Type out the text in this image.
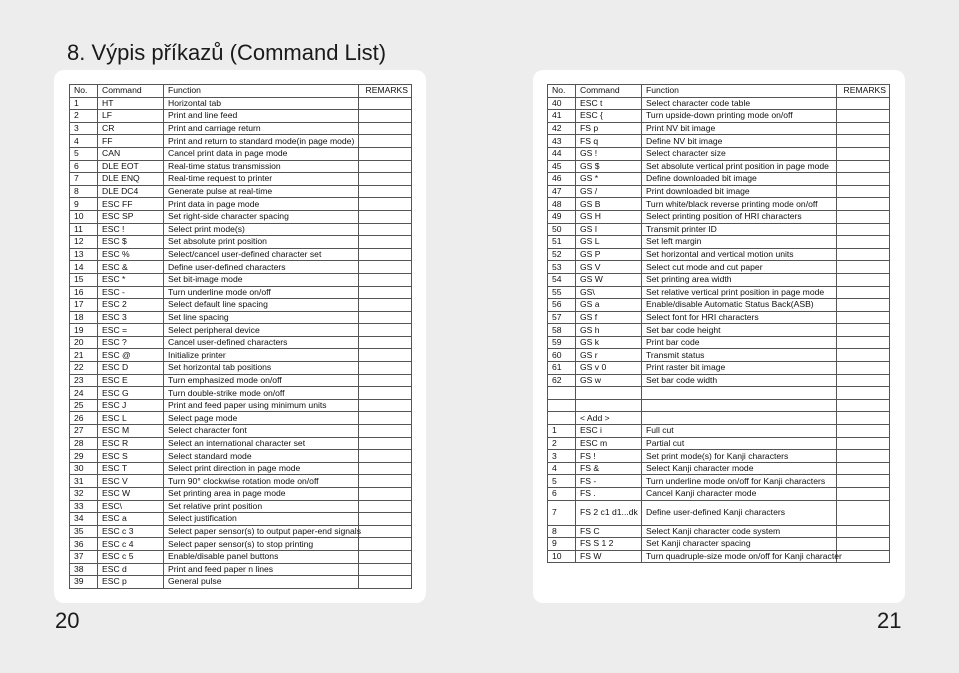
8. Výpis příkazů (Command List)
No.	Command	Function	REMARKS
1	HT	Horizontal tab	
2	LF	Print and line feed	
3	CR	Print and carriage return	
4	FF	Print and return to standard mode(in page mode)	
5	CAN	Cancel print data in page mode	
6	DLE EOT	Real-time status transmission	
7	DLE ENQ	Real-time request to printer	
8	DLE DC4	Generate pulse at real-time	
9	ESC FF	Print data in page mode	
10	ESC SP	Set right-side character spacing	
11	ESC !	Select print mode(s)	
12	ESC $	Set absolute print position	
13	ESC %	Select/cancel user-defined character set	
14	ESC &	Define user-defined characters	
15	ESC *	Set bit-image mode	
16	ESC -	Turn underline mode on/off	
17	ESC 2	Select default line spacing	
18	ESC 3	Set line spacing	
19	ESC =	Select peripheral device	
20	ESC ?	Cancel user-defined characters	
21	ESC @	Initialize printer	
22	ESC D	Set horizontal tab positions	
23	ESC E	Turn emphasized mode on/off	
24	ESC G	Turn double-strike mode on/off	
25	ESC J	Print and feed paper using minimum units	
26	ESC L	Select page mode	
27	ESC M	Select character font	
28	ESC R	Select an international character set	
29	ESC S	Select standard mode	
30	ESC T	Select print direction in page mode	
31	ESC V	Turn 90° clockwise rotation mode on/off	
32	ESC W	Set printing area in page mode	
33	ESC\	Set relative print position	
34	ESC a	Select justification	
35	ESC c 3	Select paper sensor(s) to output paper-end signals	
36	ESC c 4	Select paper sensor(s) to stop printing	
37	ESC c 5	Enable/disable panel buttons	
38	ESC d	Print and feed paper n lines	
39	ESC p	General pulse	
No.	Command	Function	REMARKS
40	ESC t	Select character code table	
41	ESC {	Turn upside-down printing mode on/off	
42	FS p	Print NV bit image	
43	FS q	Define NV bit image	
44	GS !	Select character size	
45	GS $	Set absolute vertical print position in page mode	
46	GS *	Define downloaded bit image	
47	GS /	Print downloaded bit image	
48	GS B	Turn white/black reverse printing mode on/off	
49	GS H	Select printing position of HRI characters	
50	GS I	Transmit printer ID	
51	GS L	Set left margin	
52	GS P	Set horizontal and vertical motion units	
53	GS V	Select cut mode and cut paper	
54	GS W	Set printing area width	
55	GS\	Set relative vertical print position in page mode	
56	GS a	Enable/disable Automatic Status Back(ASB)	
57	GS f	Select font for HRI characters	
58	GS h	Set bar code height	
59	GS k	Print bar code	
60	GS r	Transmit status	
61	GS v 0	Print raster bit image	
62	GS w	Set bar code width	

	< Add >		
1	ESC i	Full cut	
2	ESC m	Partial cut	
3	FS !	Set print mode(s) for Kanji characters	
4	FS &	Select Kanji character mode	
5	FS -	Turn underline mode on/off for Kanji characters	
6	FS .	Cancel Kanji character mode	
7	FS 2 c1 d1...dk	Define user-defined Kanji characters	
8	FS C	Select Kanji character code system	
9	FS S 1 2	Set Kanji character spacing	
10	FS W	Turn quadruple-size mode on/off for Kanji character	
20	21
